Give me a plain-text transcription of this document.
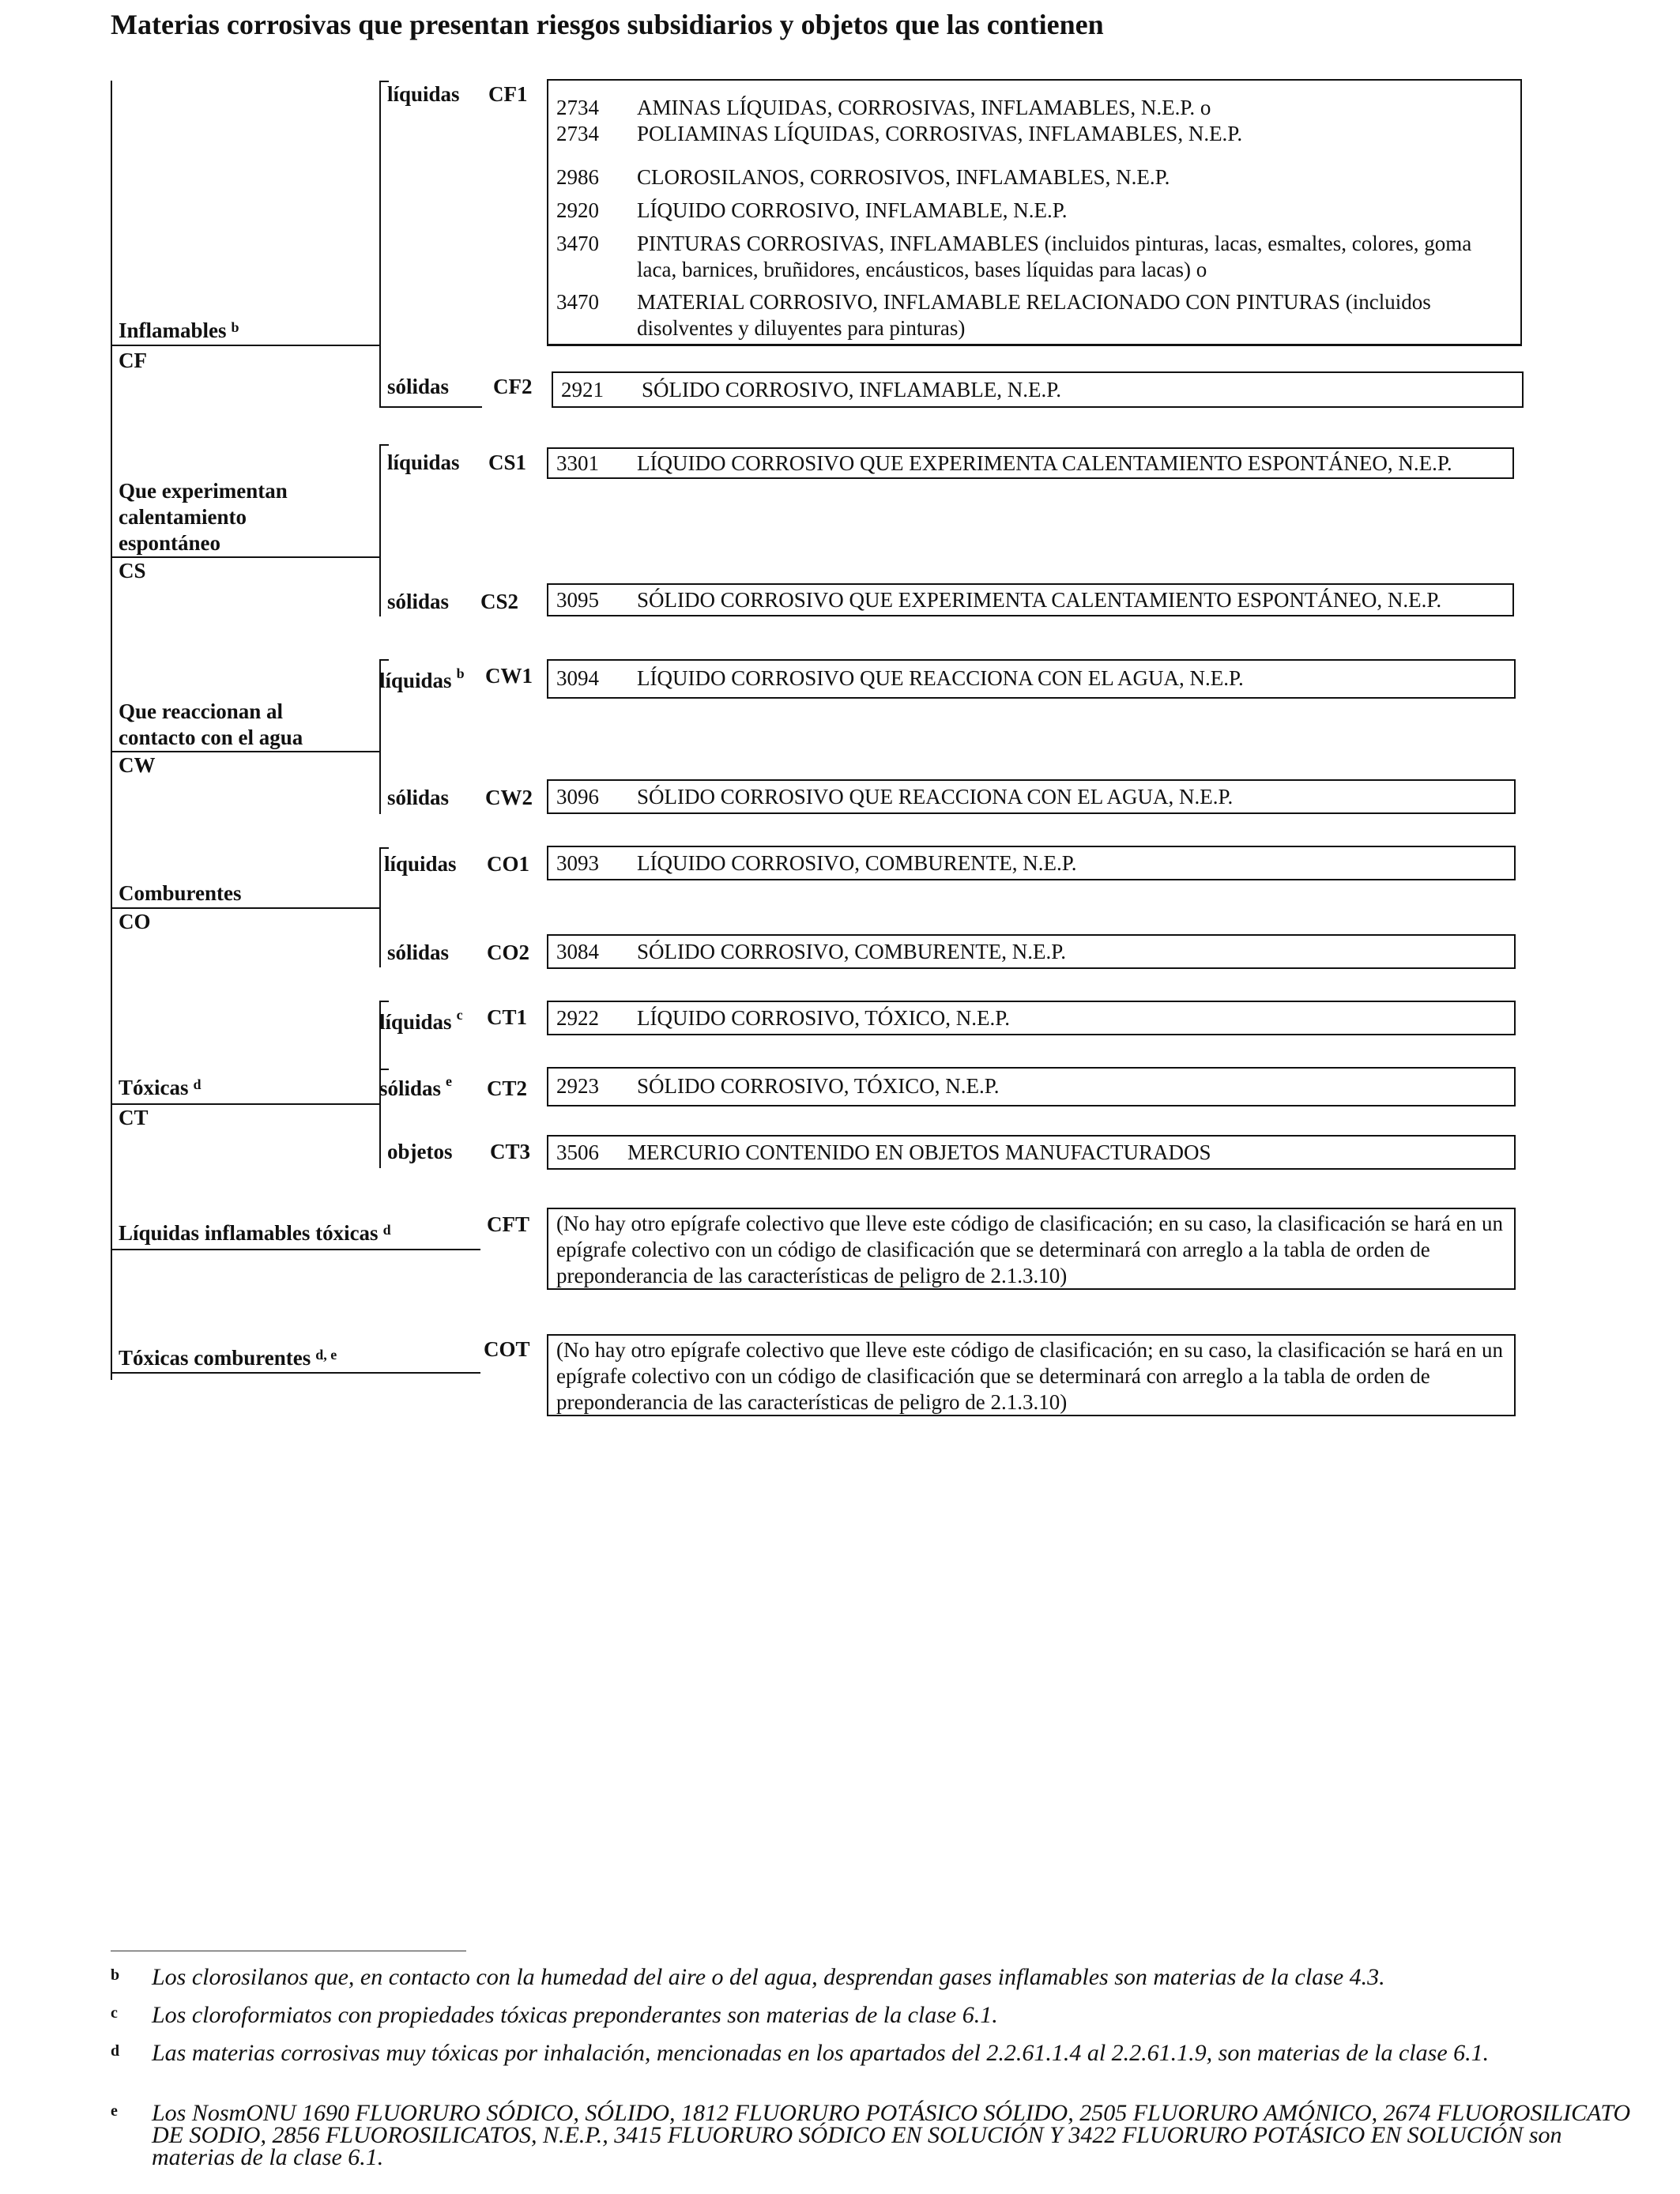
Materias corrosivas que presentan riesgos subsidiarios y objetos que las contienen
Inflamables $^b$
CF
líquidas CF1
2734 AMINAS LÍQUIDAS, CORROSIVAS, INFLAMABLES, N.E.P. o
2734 POLIAMINAS LÍQUIDAS, CORROSIVAS, INFLAMABLES, N.E.P.
2986 CLOROSILANOS, CORROSIVOS, INFLAMABLES, N.E.P.
2920 LÍQUIDO CORROSIVO, INFLAMABLE, N.E.P.
3470 PINTURAS CORROSIVAS, INFLAMABLES (incluidos pinturas, lacas, esmaltes, colores, goma laca, barnices, bruñidores, encáusticos, bases líquidas para lacas) o
3470 MATERIAL CORROSIVO, INFLAMABLE RELACIONADO CON PINTURAS (incluidos disolventes y diluyentes para pinturas)
sólidas CF2 2921 SÓLIDO CORROSIVO, INFLAMABLE, N.E.P.
Que experimentan
calentamiento
espontáneo
CS
líquidas CS1 3301 LÍQUIDO CORROSIVO QUE EXPERIMENTA CALENTAMIENTO ESPONTÁNEO, N.E.P.
sólidas CS2 3095 SÓLIDO CORROSIVO QUE EXPERIMENTA CALENTAMIENTO ESPONTÁNEO, N.E.P.
Que reaccionan al
contacto con el agua
CW
líquidas $^b$ CW1 3094 LÍQUIDO CORROSIVO QUE REACCIONA CON EL AGUA, N.E.P.
sólidas CW2 3096 SÓLIDO CORROSIVO QUE REACCIONA CON EL AGUA, N.E.P.
Comburentes
CO
líquidas CO1 3093 LÍQUIDO CORROSIVO, COMBURENTE, N.E.P.
sólidas CO2 3084 SÓLIDO CORROSIVO, COMBURENTE, N.E.P.
Tóxicas $^d$
CT
líquidas $^c$ CT1 2922 LÍQUIDO CORROSIVO, TÓXICO, N.E.P.
sólidas $^e$ CT2 2923 SÓLIDO CORROSIVO, TÓXICO, N.E.P.
objetos CT3 3506 MERCURIO CONTENIDO EN OBJETOS MANUFACTURADOS
Líquidas inflamables tóxicas $^d$	CFT (No hay otro epígrafe colectivo que lleve este código de clasificación; en su caso, la clasificación se hará en un epígrafe colectivo con un código de clasificación que se determinará con arreglo a la tabla de orden de preponderancia de las características de peligro de 2.1.3.10)
Tóxicas comburentes $^{d, e}$	COT (No hay otro epígrafe colectivo que lleve este código de clasificación; en su caso, la clasificación se hará en un epígrafe colectivo con un código de clasificación que se determinará con arreglo a la tabla de orden de preponderancia de las características de peligro de 2.1.3.10)
b Los clorosilanos que, en contacto con la humedad del aire o del agua, desprendan gases inflamables son materias de la clase 4.3.
c Los cloroformiatos con propiedades tóxicas preponderantes son materias de la clase 6.1.
d Las materias corrosivas muy tóxicas por inhalación, mencionadas en los apartados del 2.2.61.1.4 al 2.2.61.1.9, son materias de la clase 6.1.
e Los NosmONU 1690 FLUORURO SÓDICO, SÓLIDO, 1812 FLUORURO POTÁSICO SÓLIDO, 2505 FLUORURO AMÓNICO, 2674 FLUOROSILICATO DE SODIO, 2856 FLUOROSILICATOS, N.E.P., 3415 FLUORURO SÓDICO EN SOLUCIÓN Y 3422 FLUORURO POTÁSICO EN SOLUCIÓN son materias de la clase 6.1.
